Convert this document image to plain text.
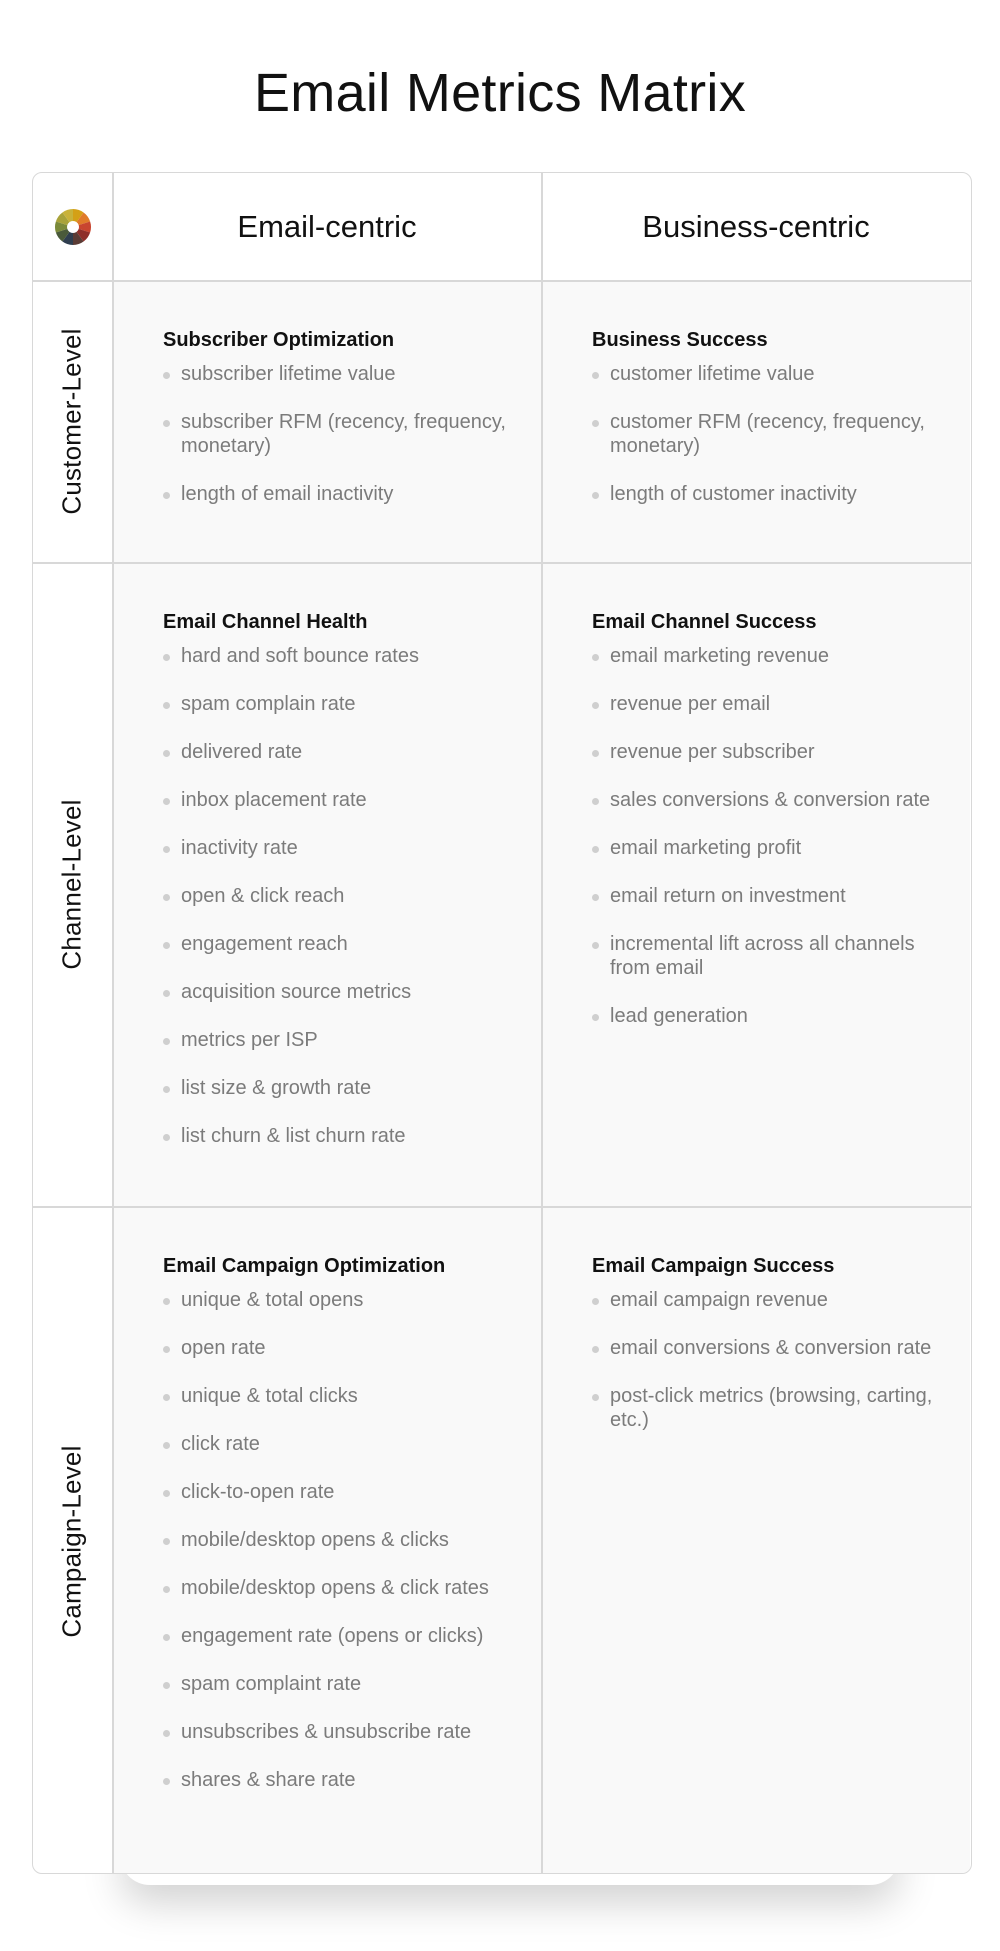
Email Metrics Matrix
Email-centric	Business-centric
Customer-Level
Channel-Level
Campaign-Level
Subscriber Optimization
subscriber lifetime value
subscriber RFM (recency, frequency, monetary)
length of email inactivity
Business Success
customer lifetime value
customer RFM (recency, frequency, monetary)
length of customer inactivity
Email Channel Health
hard and soft bounce rates
spam complain rate
delivered rate
inbox placement rate
inactivity rate
open & click reach
engagement reach
acquisition source metrics
metrics per ISP
list size & growth rate
list churn & list churn rate
Email Channel Success
email marketing revenue
revenue per email
revenue per subscriber
sales conversions & conversion rate
email marketing profit
email return on investment
incremental lift across all channels from email
lead generation
Email Campaign Optimization
unique & total opens
open rate
unique & total clicks
click rate
click-to-open rate
mobile/desktop opens & clicks
mobile/desktop opens & click rates
engagement rate (opens or clicks)
spam complaint rate
unsubscribes & unsubscribe rate
shares & share rate
Email Campaign Success
email campaign revenue
email conversions & conversion rate
post-click metrics (browsing, carting, etc.)
